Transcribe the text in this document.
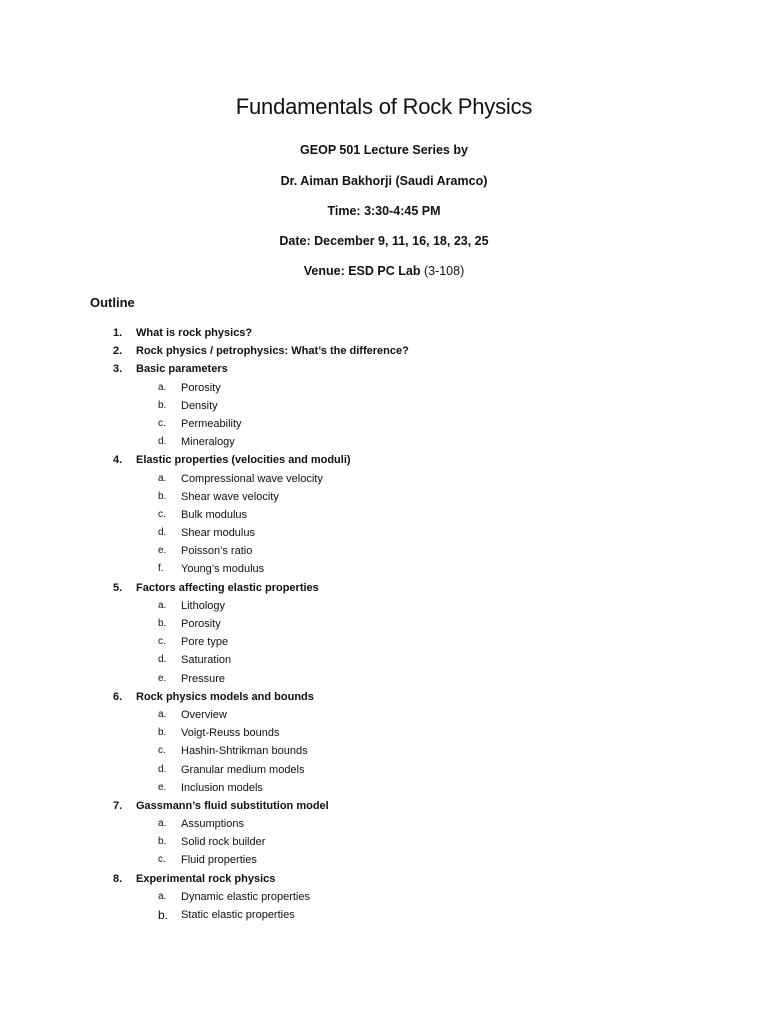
Fundamentals of Rock Physics

GEOP 501 Lecture Series by

Dr. Aiman Bakhorji (Saudi Aramco)

Time: 3:30-4:45 PM

Date: December 9, 11, 16, 18, 23, 25

Venue: ESD PC Lab (3-108)

Outline
1. What is rock physics?
2. Rock physics / petrophysics: What’s the difference?
3. Basic parameters
a. Porosity
b. Density
c. Permeability
d. Mineralogy
4. Elastic properties (velocities and moduli)
a. Compressional wave velocity
b. Shear wave velocity
c. Bulk modulus
d. Shear modulus
e. Poisson’s ratio
f. Young’s modulus
5. Factors affecting elastic properties
a. Lithology
b. Porosity
c. Pore type
d. Saturation
e. Pressure
6. Rock physics models and bounds
a. Overview
b. Voigt-Reuss bounds
c. Hashin-Shtrikman bounds
d. Granular medium models
e. Inclusion models
7. Gassmann’s fluid substitution model
a. Assumptions
b. Solid rock builder
c. Fluid properties
8. Experimental rock physics
a. Dynamic elastic properties
b. Static elastic properties
